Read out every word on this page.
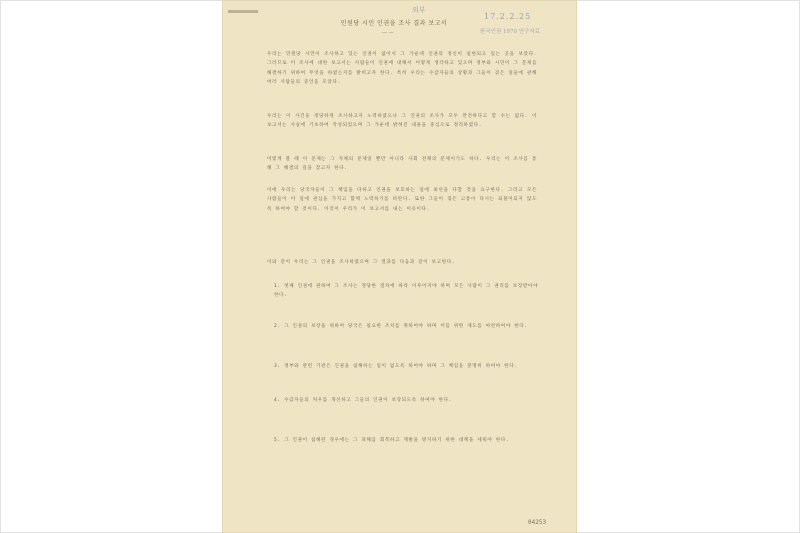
외부
17.2.2.25
한국인권 1970 연구자료
민원당 시민 인권을 조사 결과 보고서
— —
우리는 민원당 시민이 조사하고 있는 인권이 없어서 그 가운데 인권의 정신이 실현되고 있는 곳을 보았다. 그러므로 이 조사에 대한 보고서는 사람들이 인권에 대해서 어떻게 생각하고 있으며 정부와 시민이 그 문제를 해결하기 위하여 무엇을 하였는지를 밝히고자 한다. 특히 우리는 수감자들의 상황과 그들이 겪은 일들에 관해 여러 사람들의 증언을 모았다.
우리는 이 사건을 정당하게 조사하고자 노력하였으나 그 인권의 조사가 모두 완전하다고 할 수는 없다. 이 보고서는 사실에 기초하여 작성되었으며 그 가운데 밝혀진 내용을 중심으로 정리하였다.
이렇게 볼 때 이 문제는 그 자체의 문제일 뿐만 아니라 사회 전체의 문제이기도 하다. 우리는 이 조사를 통해 그 해결의 길을 찾고자 한다.
이에 우리는 당국자들이 그 책임을 다하고 인권을 보호하는 일에 최선을 다할 것을 요구한다. 그리고 모든 사람들이 이 일에 관심을 가지고 함께 노력하기를 바란다. 또한 그들이 겪은 고통이 다시는 되풀이되지 않도록 하여야 할 것이다. 이것이 우리가 이 보고서를 내는 이유이다.
이와 같이 우리는 그 인권을 조사하였으며 그 결과를 다음과 같이 보고한다.
1. 첫째 인권에 관하여 그 조사는 정당한 절차에 따라 이루어져야 하며 모든 사람이 그 권리를 보장받아야 한다.
2. 그 인권의 보장을 위하여 당국은 필요한 조치를 취하여야 하며 이를 위한 제도를 마련하여야 한다.
3. 정부와 관련 기관은 인권을 침해하는 일이 없도록 하여야 하며 그 책임을 분명히 하여야 한다.
4. 수감자들의 처우를 개선하고 그들의 인권이 보장되도록 하여야 한다.
5. 그 인권이 침해된 경우에는 그 피해를 회복하고 재발을 방지하기 위한 대책을 세워야 한다.
04253
